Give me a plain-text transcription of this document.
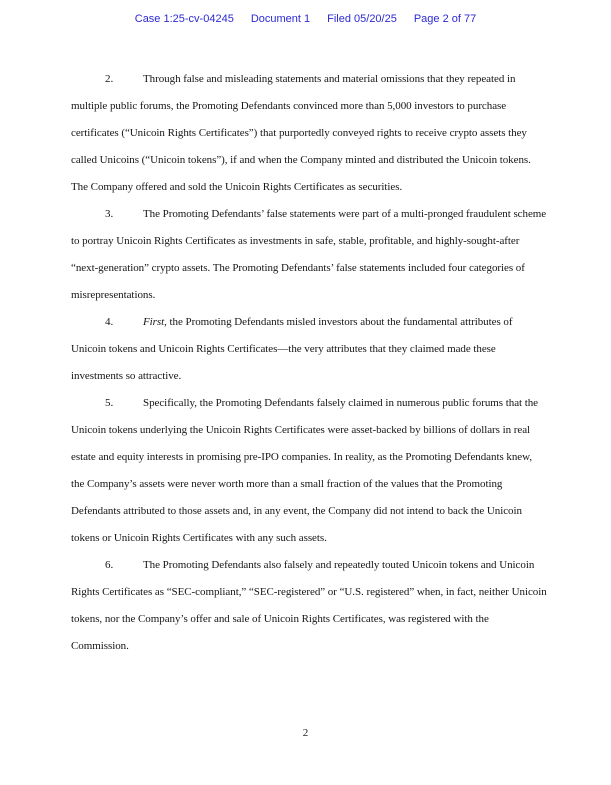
Case 1:25-cv-04245 Document 1 Filed 05/20/25 Page 2 of 77

2.	Through false and misleading statements and material omissions that they repeated in multiple public forums, the Promoting Defendants convinced more than 5,000 investors to purchase certificates (“Unicoin Rights Certificates”) that purportedly conveyed rights to receive crypto assets they called Unicoins (“Unicoin tokens”), if and when the Company minted and distributed the Unicoin tokens. The Company offered and sold the Unicoin Rights Certificates as securities.

3.	The Promoting Defendants’ false statements were part of a multi-pronged fraudulent scheme to portray Unicoin Rights Certificates as investments in safe, stable, profitable, and highly-sought-after “next-generation” crypto assets. The Promoting Defendants’ false statements included four categories of misrepresentations.

4.	First, the Promoting Defendants misled investors about the fundamental attributes of Unicoin tokens and Unicoin Rights Certificates—the very attributes that they claimed made these investments so attractive.

5.	Specifically, the Promoting Defendants falsely claimed in numerous public forums that the Unicoin tokens underlying the Unicoin Rights Certificates were asset-backed by billions of dollars in real estate and equity interests in promising pre-IPO companies. In reality, as the Promoting Defendants knew, the Company’s assets were never worth more than a small fraction of the values that the Promoting Defendants attributed to those assets and, in any event, the Company did not intend to back the Unicoin tokens or Unicoin Rights Certificates with any such assets.

6.	The Promoting Defendants also falsely and repeatedly touted Unicoin tokens and Unicoin Rights Certificates as “SEC-compliant,” “SEC-registered” or “U.S. registered” when, in fact, neither Unicoin tokens, nor the Company’s offer and sale of Unicoin Rights Certificates, was registered with the Commission.

2
